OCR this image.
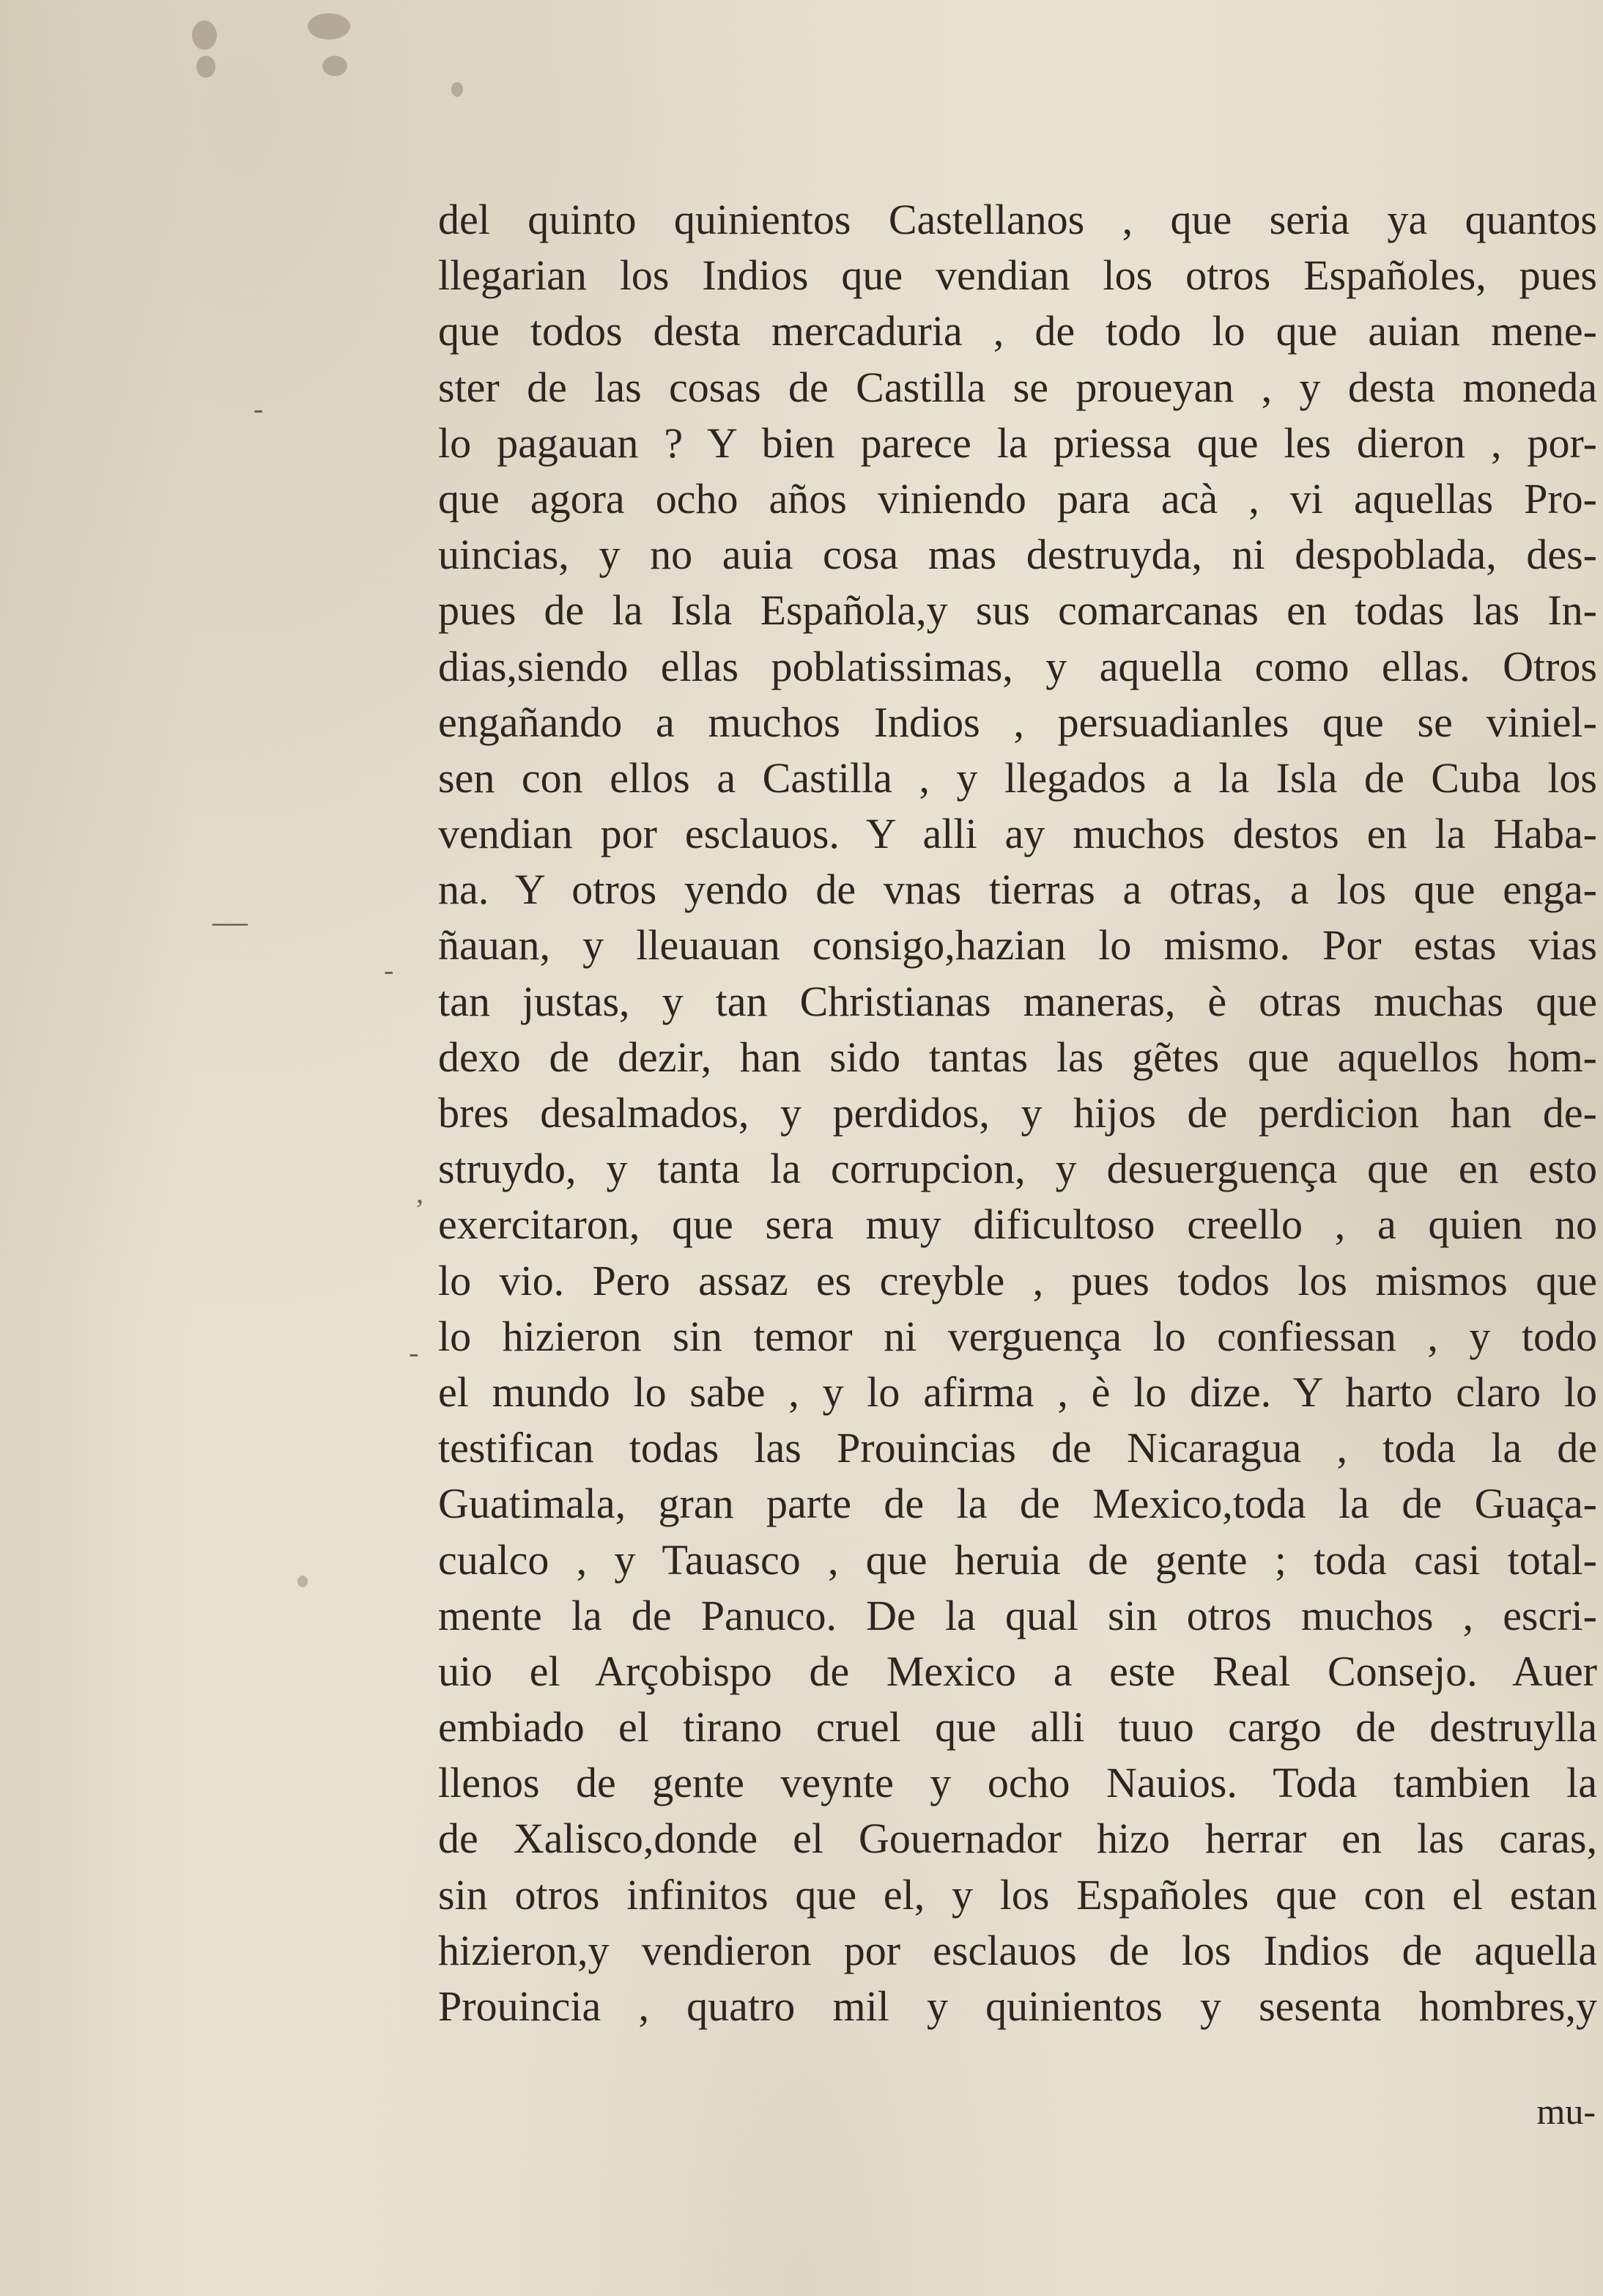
-
—
-
,
-
del quinto quinientos Castellanos , que seria ya quantos
llegarian los Indios que vendian los otros Españoles, pues
que todos desta mercaduria , de todo lo que auian mene-
ster de las cosas de Castilla se proueyan , y desta moneda
lo pagauan ? Y bien parece la priessa que les dieron , por-
que agora ocho años viniendo para acà , vi aquellas Pro-
uincias, y no auia cosa mas destruyda, ni despoblada, des-
pues de la Isla Española,y sus comarcanas en todas las In-
dias,siendo ellas poblatissimas, y aquella como ellas. Otros
engañando a muchos Indios , persuadianles que se viniel-
sen con ellos a Castilla , y llegados a la Isla de Cuba los
vendian por esclauos. Y alli ay muchos destos en la Haba-
na. Y otros yendo de vnas tierras a otras, a los que enga-
ñauan, y lleuauan consigo,hazian lo mismo. Por estas vias
tan justas, y tan Christianas maneras, è otras muchas que
dexo de dezir, han sido tantas las gẽtes que aquellos hom-
bres desalmados, y perdidos, y hijos de perdicion han de-
struydo, y tanta la corrupcion, y desuerguença que en esto
exercitaron, que sera muy dificultoso creello , a quien no
lo vio. Pero assaz es creyble , pues todos los mismos que
lo hizieron sin temor ni verguença lo confiessan , y todo
el mundo lo sabe , y lo afirma , è lo dize. Y harto claro lo
testifican todas las Prouincias de Nicaragua , toda la de
Guatimala, gran parte de la de Mexico,toda la de Guaça-
cualco , y Tauasco , que heruia de gente ; toda casi total-
mente la de Panuco. De la qual sin otros muchos , escri-
uio el Arçobispo de Mexico a este Real Consejo. Auer
embiado el tirano cruel que alli tuuo cargo de destruylla
llenos de gente veynte y ocho Nauios. Toda tambien la
de Xalisco,donde el Gouernador hizo herrar en las caras,
sin otros infinitos que el, y los Españoles que con el estan
hizieron,y vendieron por esclauos de los Indios de aquella
Prouincia , quatro mil y quinientos y sesenta hombres,y
mu-
